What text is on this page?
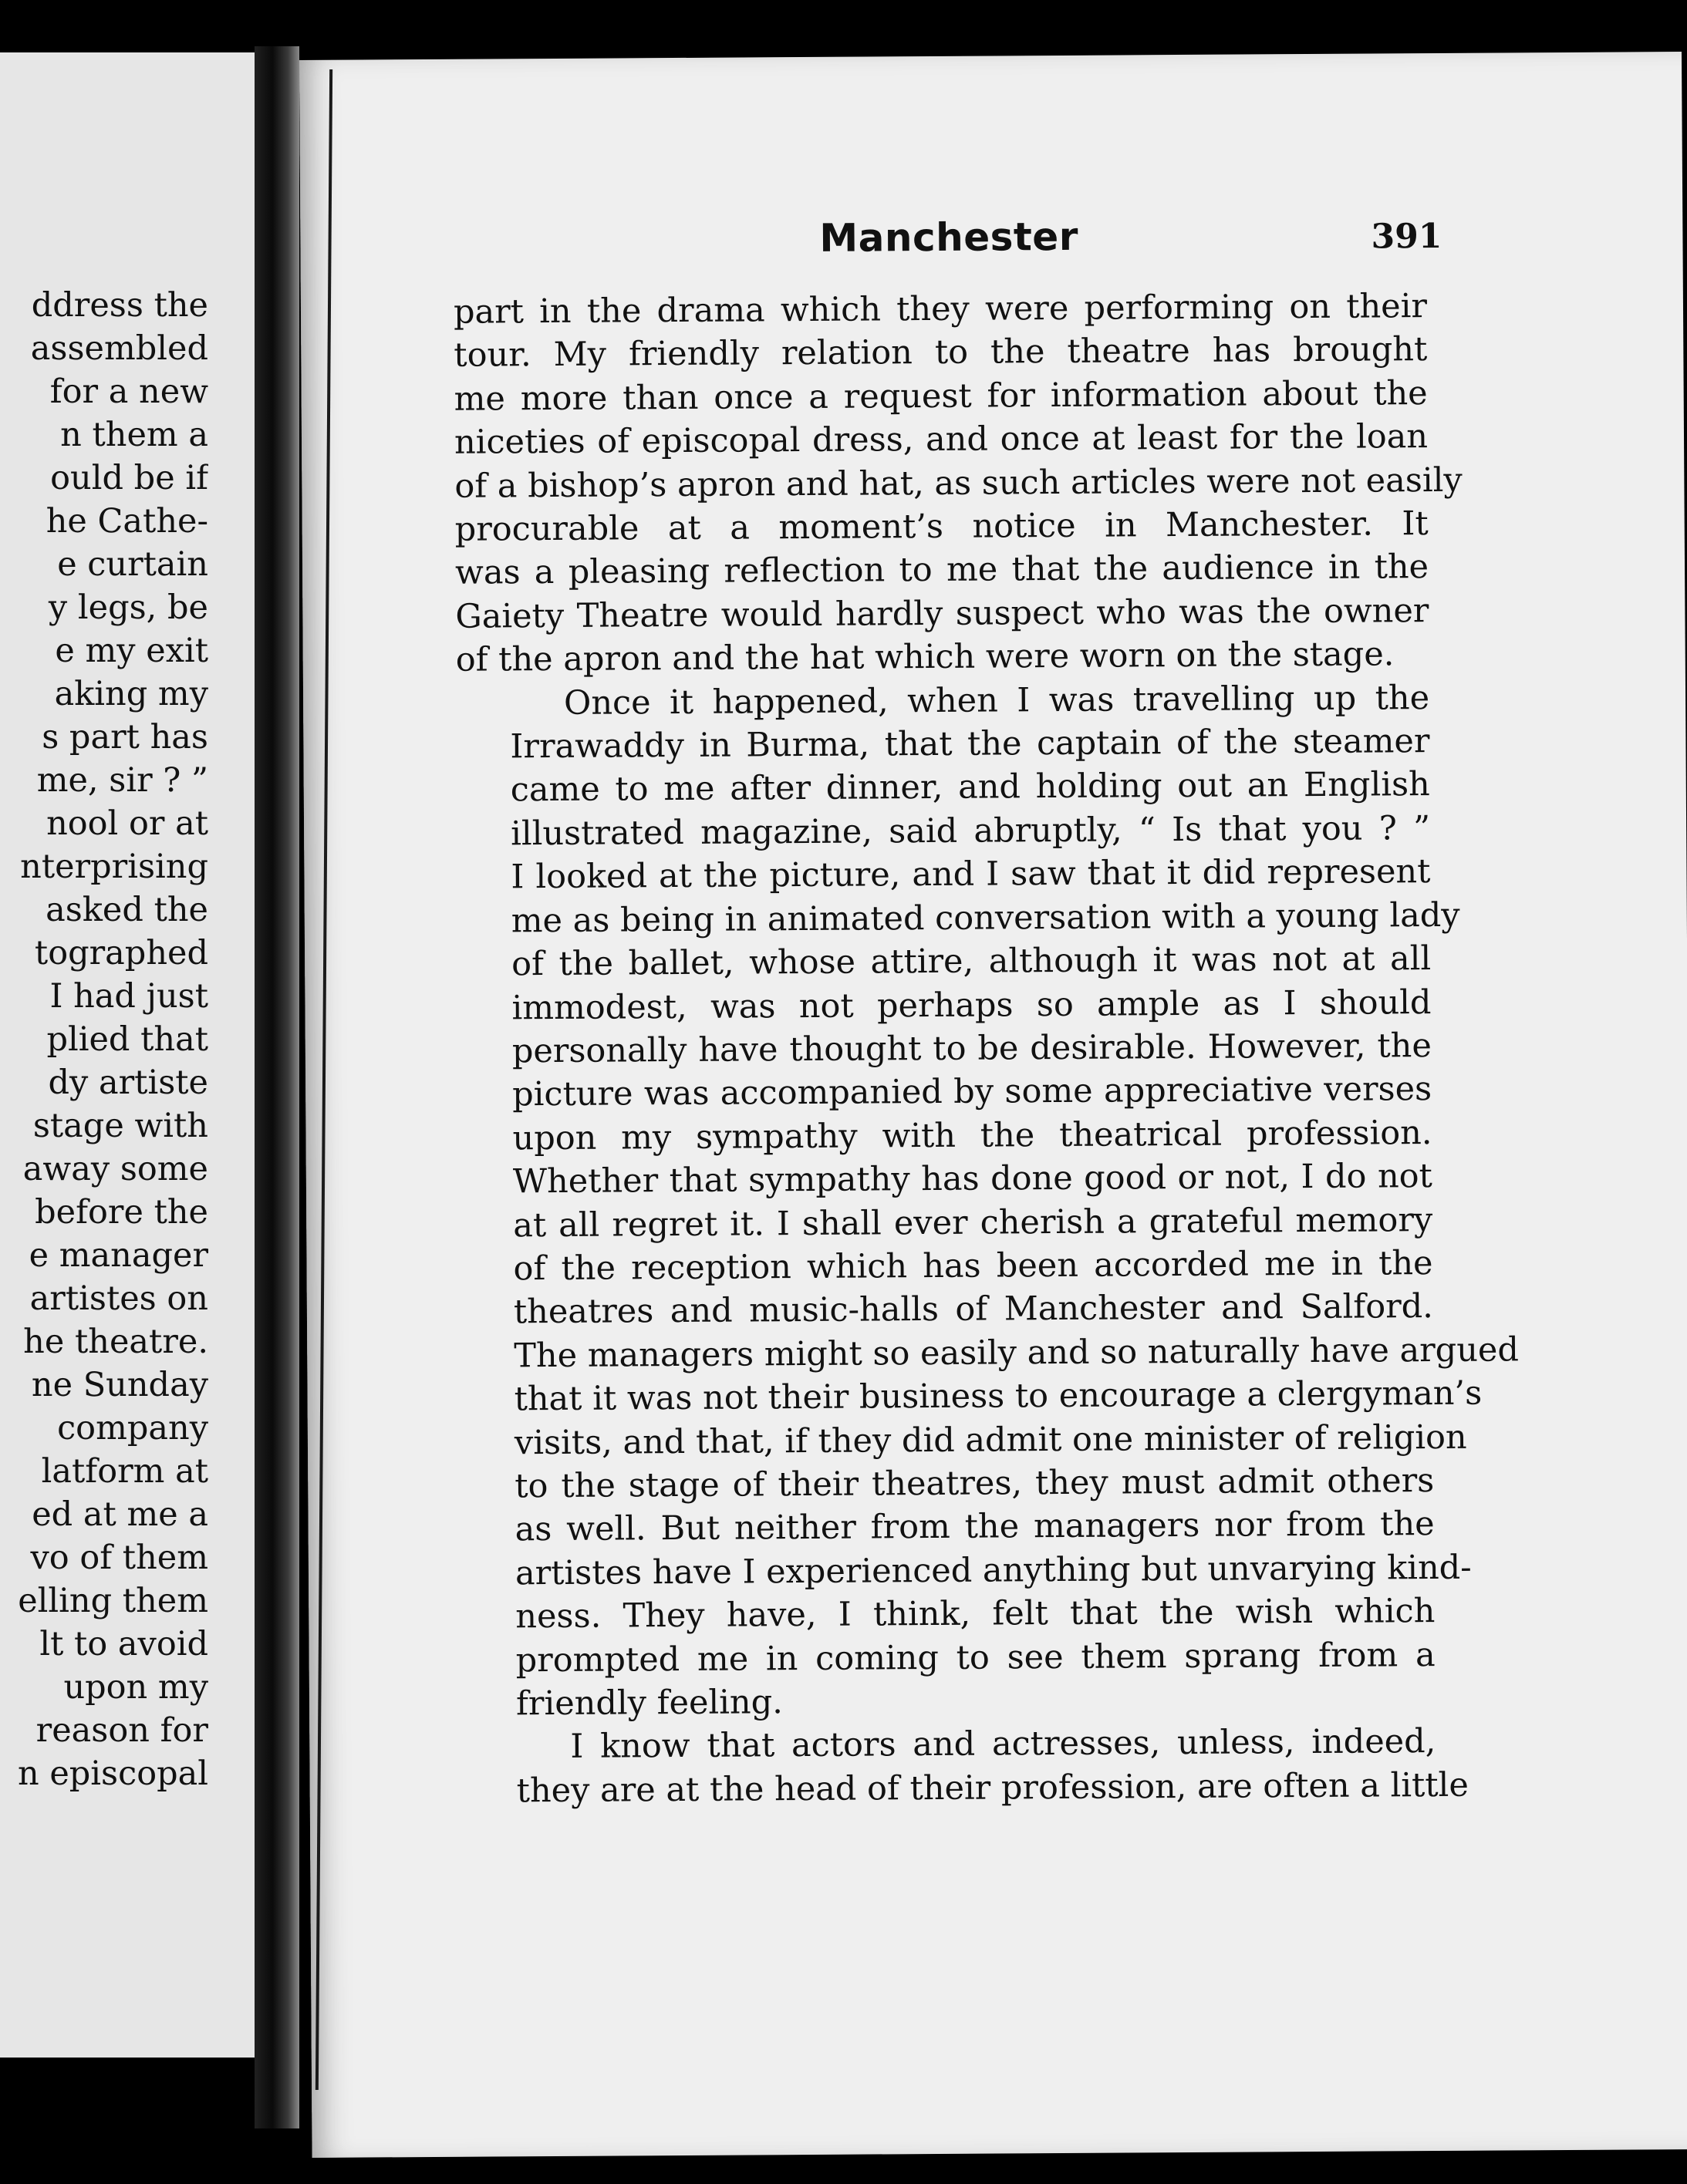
ddress the
assembled
for a new
n them a
ould be if
he Cathe-
e curtain
y legs, be
e my exit
aking my
s part has
me, sir ? ”
nool or at
nterprising
asked the
tographed
I had just
plied that
dy artiste
stage with
away some
before the
e manager
artistes on
he theatre.
ne Sunday
company
latform at
ed at me a
vo of them
elling them
lt to avoid
upon my
reason for
n episcopal
Manchester	391
part in the drama which they were performing on their
tour. My friendly relation to the theatre has brought
me more than once a request for information about the
niceties of episcopal dress, and once at least for the loan
of a bishop’s apron and hat, as such articles were not easily
procurable at a moment’s notice in Manchester. It
was a pleasing reflection to me that the audience in the
Gaiety Theatre would hardly suspect who was the owner
of the apron and the hat which were worn on the stage.
Once it happened, when I was travelling up the
Irrawaddy in Burma, that the captain of the steamer
came to me after dinner, and holding out an English
illustrated magazine, said abruptly, “ Is that you ? ”
I looked at the picture, and I saw that it did represent
me as being in animated conversation with a young lady
of the ballet, whose attire, although it was not at all
immodest, was not perhaps so ample as I should
personally have thought to be desirable. However, the
picture was accompanied by some appreciative verses
upon my sympathy with the theatrical profession.
Whether that sympathy has done good or not, I do not
at all regret it. I shall ever cherish a grateful memory
of the reception which has been accorded me in the
theatres and music-halls of Manchester and Salford.
The managers might so easily and so naturally have argued
that it was not their business to encourage a clergyman’s
visits, and that, if they did admit one minister of religion
to the stage of their theatres, they must admit others
as well. But neither from the managers nor from the
artistes have I experienced anything but unvarying kind-
ness. They have, I think, felt that the wish which
prompted me in coming to see them sprang from a
friendly feeling.
I know that actors and actresses, unless, indeed,
they are at the head of their profession, are often a little
